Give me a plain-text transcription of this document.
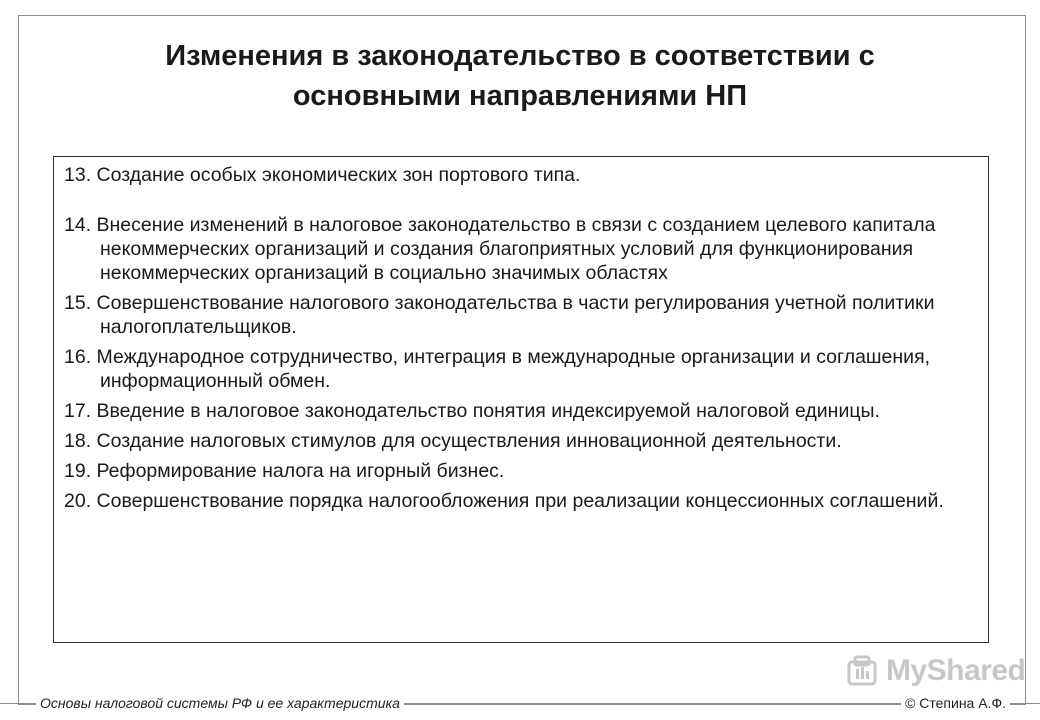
Изменения в законодательство в соответствии с
основными направлениями НП
13. Создание особых экономических зон портового типа.
14. Внесение изменений в налоговое законодательство в связи с созданием целевого капитала некоммерческих организаций и создания благоприятных условий для функционирования некоммерческих организаций в социально значимых областях
15. Совершенствование налогового законодательства в части регулирования учетной политики налогоплательщиков.
16. Международное сотрудничество, интеграция в международные организации и соглашения, информационный обмен.
17. Введение в налоговое законодательство понятия индексируемой налоговой единицы.
18. Создание налоговых стимулов для осуществления инновационной деятельности.
19. Реформирование налога на игорный бизнес.
20. Совершенствование порядка налогообложения при реализации концессионных соглашений.
MyShared
Основы налоговой системы РФ и ее характеристика	© Степина А.Ф.
